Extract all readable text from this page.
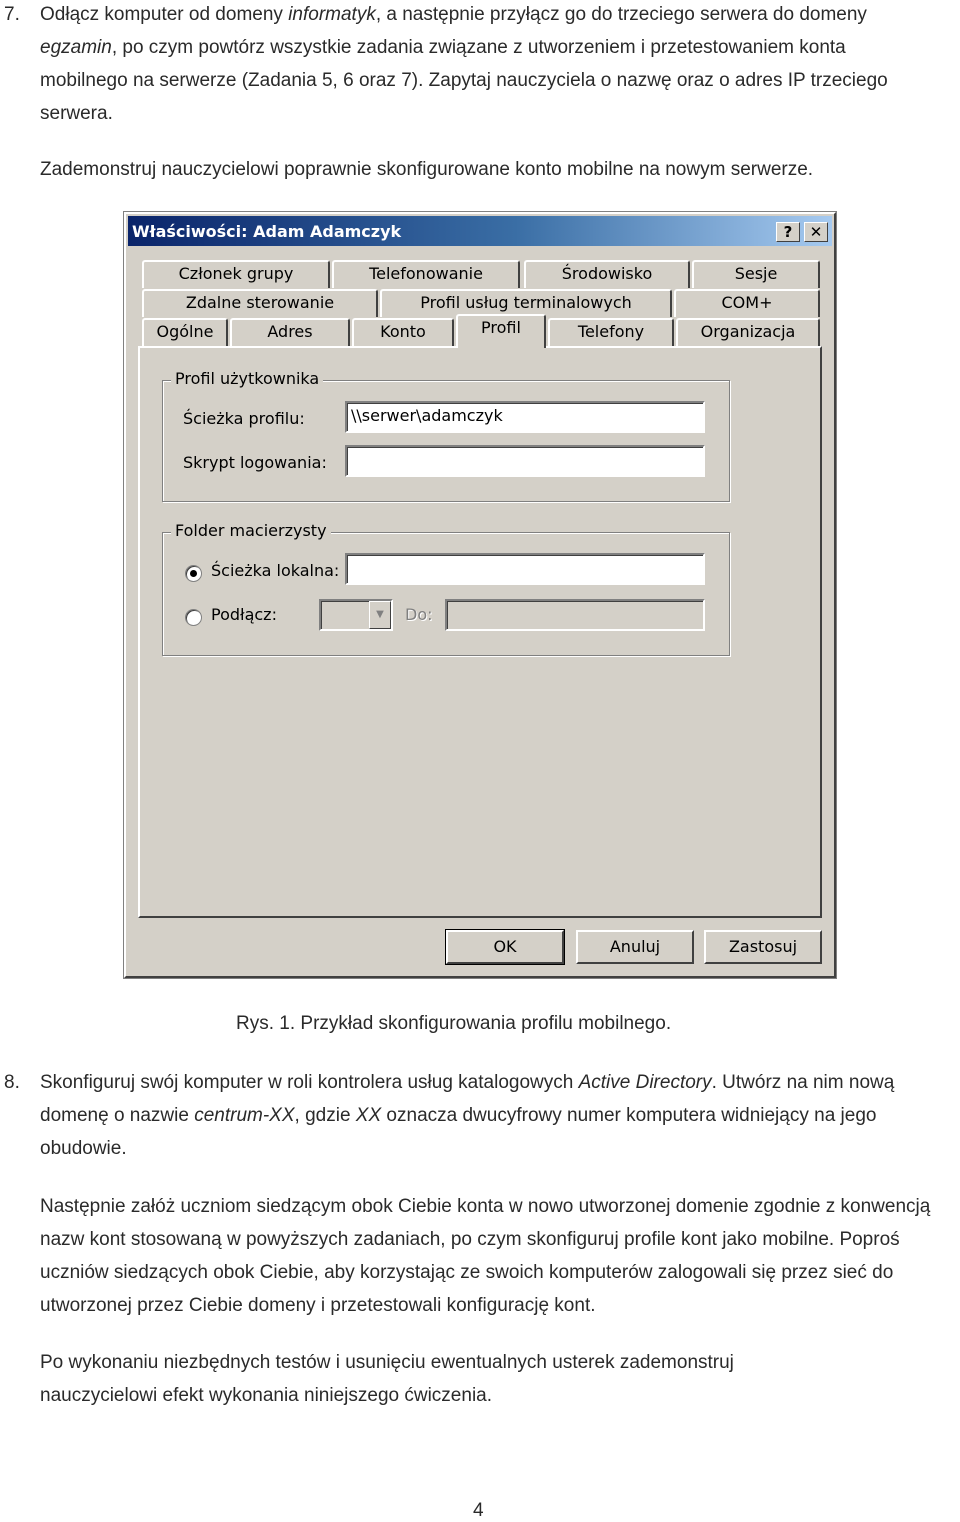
7. Odłącz komputer od domeny informatyk, a następnie przyłącz go do trzeciego serwera do domeny egzamin, po czym powtórz wszystkie zadania związane z utworzeniem i przetestowaniem konta mobilnego na serwerze (Zadania 5, 6 oraz 7). Zapytaj nauczyciela o nazwę oraz o adres IP trzeciego serwera.
Zademonstruj nauczycielowi poprawnie skonfigurowane konto mobilne na nowym serwerze.
Właściwości: Adam Adamczyk	?	✕
Członek grupy	Telefonowanie	Środowisko	Sesje
Zdalne sterowanie	Profil usług terminalowych	COM+
Ogólne	Adres	Konto	Profil	Telefony	Organizacja
Profil użytkownika
Ścieżka profilu:	\\serwer\adamczyk
Skrypt logowania:
Folder macierzysty
Ścieżka lokalna:
Podłącz:	▼	Do:
OK	Anuluj	Zastosuj
Rys. 1. Przykład skonfigurowania profilu mobilnego.
8. Skonfiguruj swój komputer w roli kontrolera usług katalogowych Active Directory. Utwórz na nim nową domenę o nazwie centrum-XX, gdzie XX oznacza dwucyfrowy numer komputera widniejący na jego obudowie.
Następnie załóż uczniom siedzącym obok Ciebie konta w nowo utworzonej domenie zgodnie z konwencją nazw kont stosowaną w powyższych zadaniach, po czym skonfiguruj profile kont jako mobilne. Poproś uczniów siedzących obok Ciebie, aby korzystając ze swoich komputerów zalogowali się przez sieć do utworzonej przez Ciebie domeny i przetestowali konfigurację kont.
Po wykonaniu niezbędnych testów i usunięciu ewentualnych usterek zademonstruj nauczycielowi efekt wykonania niniejszego ćwiczenia.
4
